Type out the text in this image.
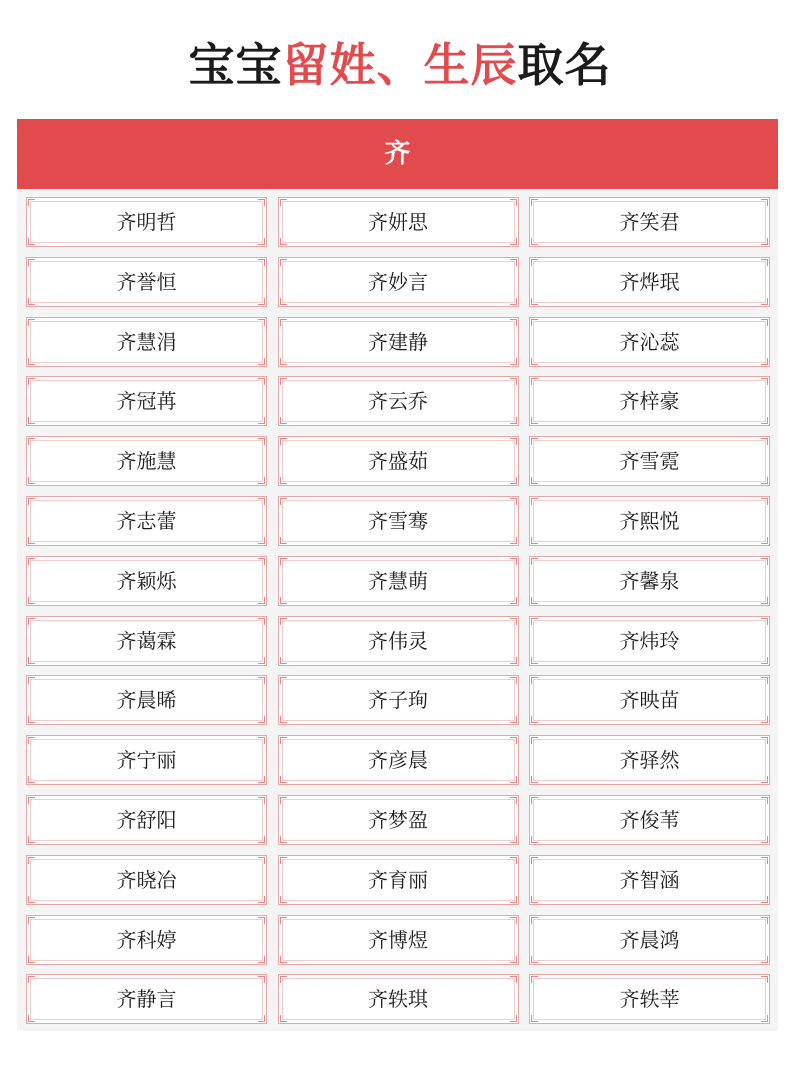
宝宝留姓、生辰取名
齐
齐明哲	齐妍思	齐笑君
齐誉恒	齐妙言	齐烨珉
齐慧涓	齐建静	齐沁蕊
齐冠苒	齐云乔	齐梓豪
齐施慧	齐盛茹	齐雪霓
齐志蕾	齐雪骞	齐熙悦
齐颖烁	齐慧萌	齐馨泉
齐蔼霖	齐伟灵	齐炜玲
齐晨晞	齐子珣	齐映苗
齐宁丽	齐彦晨	齐驿然
齐舒阳	齐梦盈	齐俊苇
齐晓冶	齐育丽	齐智涵
齐科婷	齐博煜	齐晨鸿
齐静言	齐轶琪	齐轶莘
